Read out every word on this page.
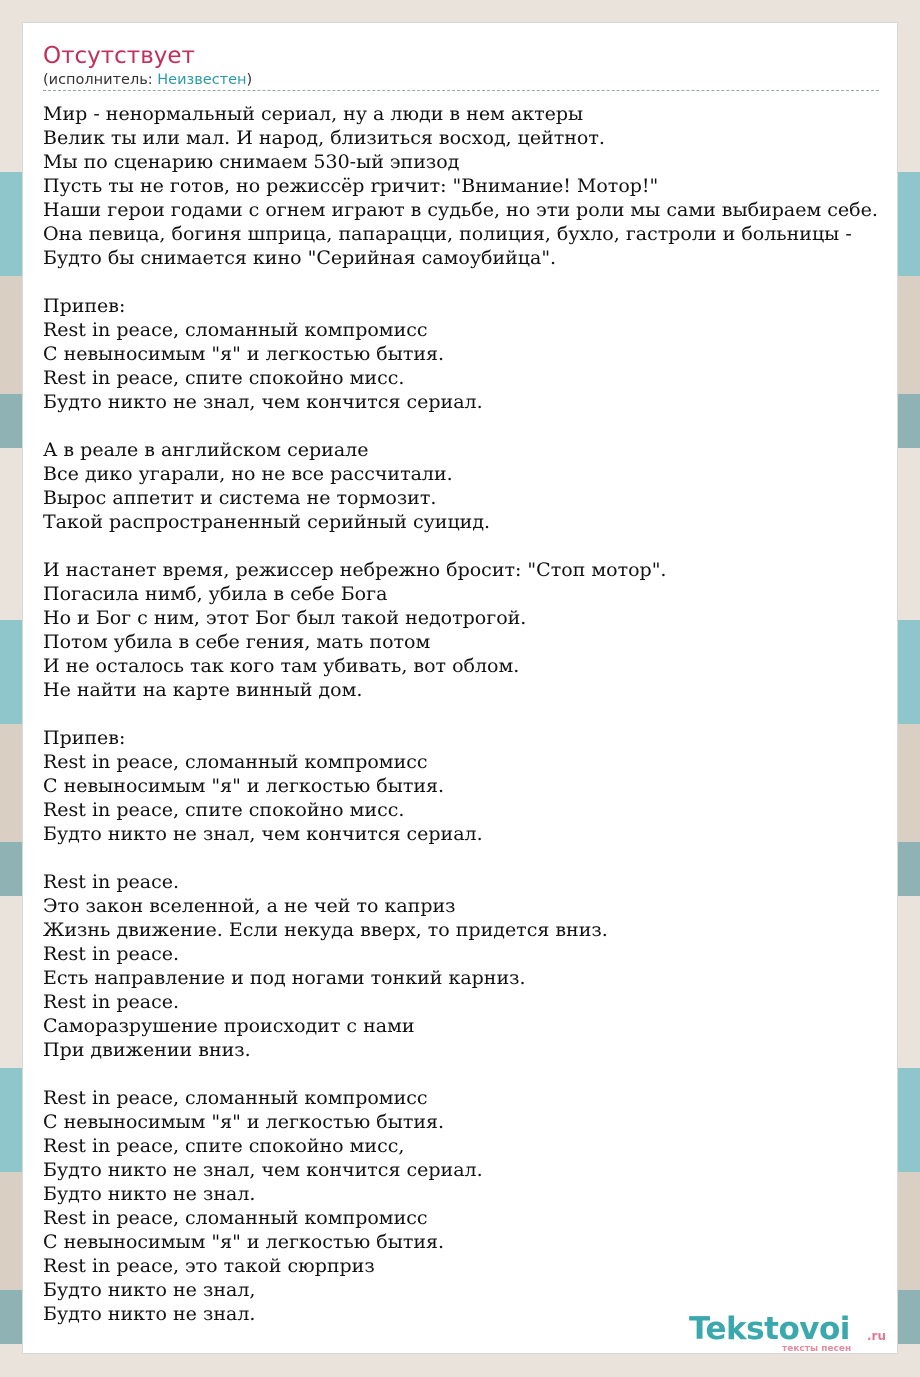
Отсутствует
(исполнитель: Неизвестен)
Мир - ненормальный сериал, ну а люди в нем актеры
Велик ты или мал. И народ, близиться восход, цейтнот.
Мы по сценарию снимаем 530-ый эпизод
Пусть ты не готов, но режиссёр rричит: "Внимание! Мотор!"
Наши герои годами с огнем играют в судьбе, но эти роли мы сами выбираем себе.
Она певица, богиня шприца, папарацци, полиция, бухло, гастроли и больницы -
Будто бы снимается кино "Серийная самоубийца".
Припев:
Rest in peace, сломанный компромисс
С невыносимым "я" и легкостью бытия.
Rest in peace, спите спокойно мисс.
Будто никто не знал, чем кончится сериал.
А в реале в английском сериале
Все дико угарали, но не все рассчитали.
Вырос аппетит и система не тормозит.
Такой распространенный серийный суицид.
И настанет время, режиссер небрежно бросит: "Стоп мотор".
Погасила нимб, убила в себе Бога
Но и Бог с ним, этот Бог был такой недотрогой.
Потом убила в себе гения, мать потом
И не осталось так кого там убивать, вот облом.
Не найти на карте винный дом.
Припев:
Rest in peace, сломанный компромисс
С невыносимым "я" и легкостью бытия.
Rest in peace, спите спокойно мисс.
Будто никто не знал, чем кончится сериал.
Rest in peace.
Это закон вселенной, а не чей то каприз
Жизнь движение. Если некуда вверх, то придется вниз.
Rest in peace.
Есть направление и под ногами тонкий карниз.
Rest in peace.
Саморазрушение происходит с нами
При движении вниз.
Rest in peace, сломанный компромисс
С невыносимым "я" и легкостью бытия.
Rest in peace, спите спокойно мисс,
Будто никто не знал, чем кончится сериал.
Будто никто не знал.
Rest in peace, сломанный компромисс
С невыносимым "я" и легкостью бытия.
Rest in peace, это такой сюрприз
Будто никто не знал,
Будто никто не знал.	Tekstovoi .ru
тексты песен
